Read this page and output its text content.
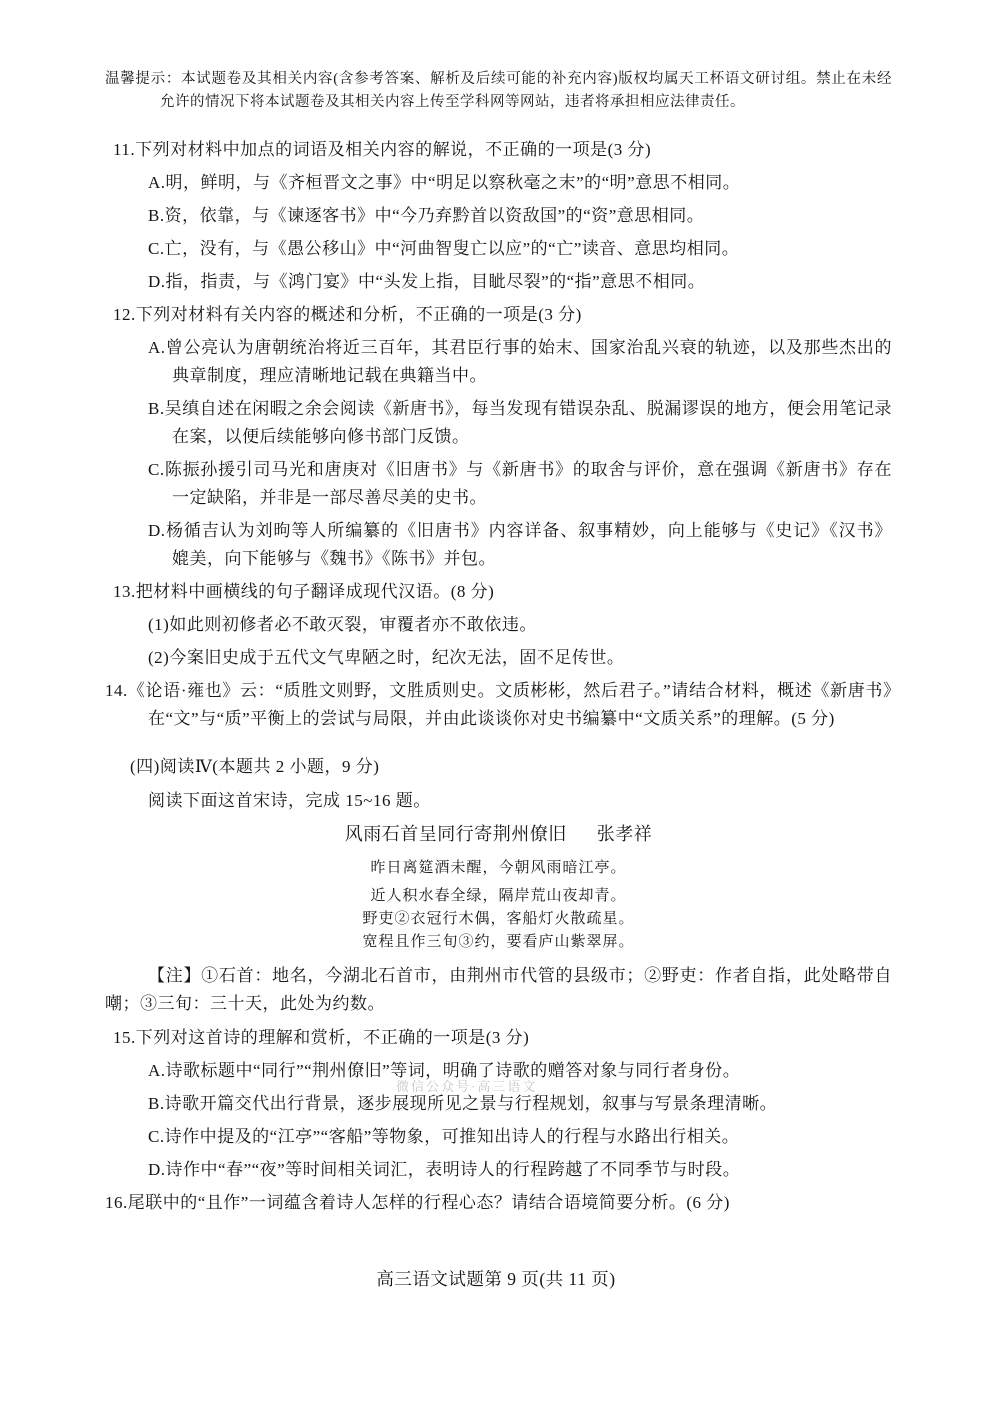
温馨提示：本试题卷及其相关内容(含参考答案、解析及后续可能的补充内容)版权均属天工杯语文研讨组。禁止在未经允许的情况下将本试题卷及其相关内容上传至学科网等网站，违者将承担相应法律责任。

11.下列对材料中加点的词语及相关内容的解说，不正确的一项是(3 分)

A.明，鲜明，与《齐桓晋文之事》中“明足以察秋毫之末”的“明”意思不相同。

B.资，依靠，与《谏逐客书》中“今乃弃黔首以资敌国”的“资”意思相同。

C.亡，没有，与《愚公移山》中“河曲智叟亡以应”的“亡”读音、意思均相同。

D.指，指责，与《鸿门宴》中“头发上指，目眦尽裂”的“指”意思不相同。

12.下列对材料有关内容的概述和分析，不正确的一项是(3 分)

A.曾公亮认为唐朝统治将近三百年，其君臣行事的始末、国家治乱兴衰的轨迹，以及那些杰出的典章制度，理应清晰地记载在典籍当中。

B.吴缜自述在闲暇之余会阅读《新唐书》，每当发现有错误杂乱、脱漏谬误的地方，便会用笔记录在案，以便后续能够向修书部门反馈。

C.陈振孙援引司马光和唐庚对《旧唐书》与《新唐书》的取舍与评价，意在强调《新唐书》存在一定缺陷，并非是一部尽善尽美的史书。

D.杨循吉认为刘昫等人所编纂的《旧唐书》内容详备、叙事精妙，向上能够与《史记》《汉书》媲美，向下能够与《魏书》《陈书》并包。

13.把材料中画横线的句子翻译成现代汉语。(8 分)

(1)如此则初修者必不敢灭裂，审覆者亦不敢依违。

(2)今案旧史成于五代文气卑陋之时，纪次无法，固不足传世。

14.《论语·雍也》云：“质胜文则野，文胜质则史。文质彬彬，然后君子。”请结合材料，概述《新唐书》在“文”与“质”平衡上的尝试与局限，并由此谈谈你对史书编纂中“文质关系”的理解。(5 分)

(四)阅读Ⅳ(本题共 2 小题，9 分)

阅读下面这首宋诗，完成 15~16 题。

风雨石首呈同行寄荆州僚旧 张孝祥

昨日离筵酒未醒，今朝风雨暗江亭。

近人积水春全绿，隔岸荒山夜却青。

野吏②衣冠行木偶，客船灯火散疏星。

宽程且作三旬③约，要看庐山紫翠屏。

【注】①石首：地名，今湖北石首市，由荆州市代管的县级市；②野吏：作者自指，此处略带自嘲；③三旬：三十天，此处为约数。

15.下列对这首诗的理解和赏析，不正确的一项是(3 分)

A.诗歌标题中“同行”“荆州僚旧”等词，明确了诗歌的赠答对象与同行者身份。

B.诗歌开篇交代出行背景，逐步展现所见之景与行程规划，叙事与写景条理清晰。

C.诗作中提及的“江亭”“客船”等物象，可推知出诗人的行程与水路出行相关。

D.诗作中“春”“夜”等时间相关词汇，表明诗人的行程跨越了不同季节与时段。

16.尾联中的“且作”一词蕴含着诗人怎样的行程心态？请结合语境简要分析。(6 分)

微信公众号·高三语文

高三语文试题第 9 页(共 11 页)
